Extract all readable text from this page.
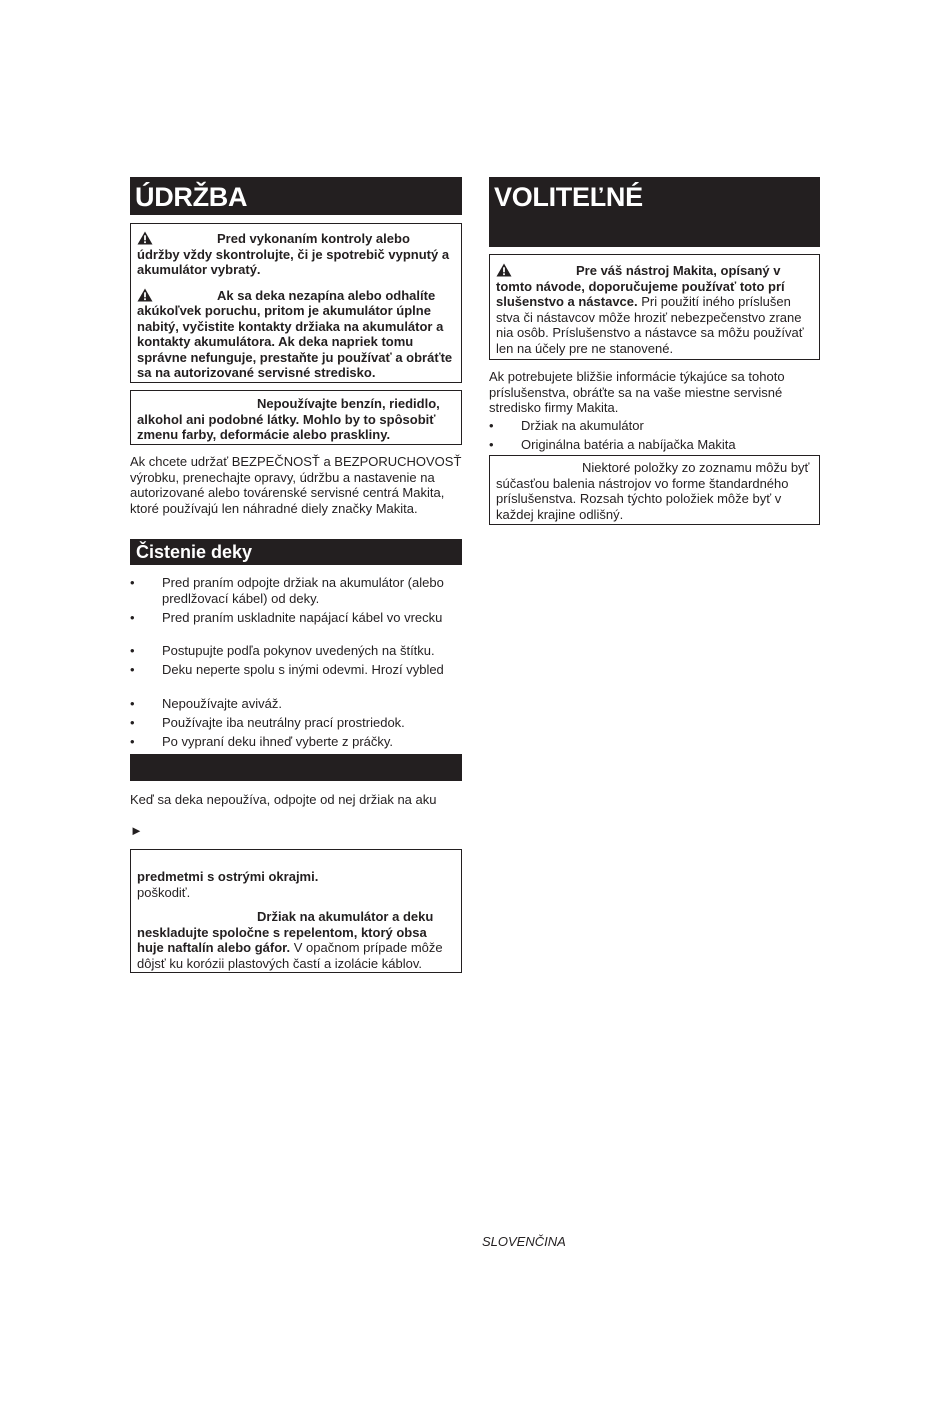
ÚDRŽBA

Pred vykonaním kontroly alebo údržby vždy skontrolujte, či je spotrebič vypnutý a akumulátor vybratý.

Ak sa deka nezapína alebo odhalíte akúkoľvek poruchu, pritom je akumulátor úplne nabitý, vyčistite kontakty držiaka na akumulátor a kontakty akumulátora. Ak deka napriek tomu správne nefunguje, prestaňte ju používať a obráťte sa na autorizované servisné stredisko.

Nepoužívajte benzín, riedidlo, alkohol ani podobné látky. Mohlo by to spôsobiť zmenu farby, deformácie alebo praskliny.

Ak chcete udržať BEZPEČNOSŤ a BEZPORUCHOVOSŤ výrobku, prenechajte opravy, údržbu a nastavenie na autorizované alebo továrenské servisné centrá Makita, ktoré používajú len náhradné diely značky Makita.

Čistenie deky
• Pred praním odpojte držiak na akumulátor (alebo predlžovací kábel) od deky.
• Pred praním uskladnite napájací kábel vo vrecku
• Postupujte podľa pokynov uvedených na štítku.
• Deku neperte spolu s inými odevmi. Hrozí vybled
• Nepoužívajte aviváž.
• Používajte iba neutrálny prací prostriedok.
• Po vypraní deku ihneď vyberte z práčky.

Keď sa deka nepoužíva, odpojte od nej držiak na aku

►

predmetmi s ostrými okrajmi.

poškodiť.

Držiak na akumulátor a deku neskladujte spoločne s repelentom, ktorý obsa huje naftalín alebo gáfor. V opačnom prípade môže dôjsť ku korózii plastových častí a izolácie káblov.

VOLITEĽNÉ

Pre váš nástroj Makita, opísaný v tomto návode, doporučujeme používať toto prí slušenstvo a nástavce. Pri použití iného príslušen stva či nástavcov môže hroziť nebezpečenstvo zrane nia osôb. Príslušenstvo a nástavce sa môžu používať len na účely pre ne stanovené.

Ak potrebujete bližšie informácie týkajúce sa tohoto príslušenstva, obráťte sa na vaše miestne servisné stredisko firmy Makita.

• Držiak na akumulátor
• Originálna batéria a nabíjačka Makita

Niektoré položky zo zoznamu môžu byť súčasťou balenia nástrojov vo forme štandardného príslušenstva. Rozsah týchto položiek môže byť v každej krajine odlišný.

SLOVENČINA
